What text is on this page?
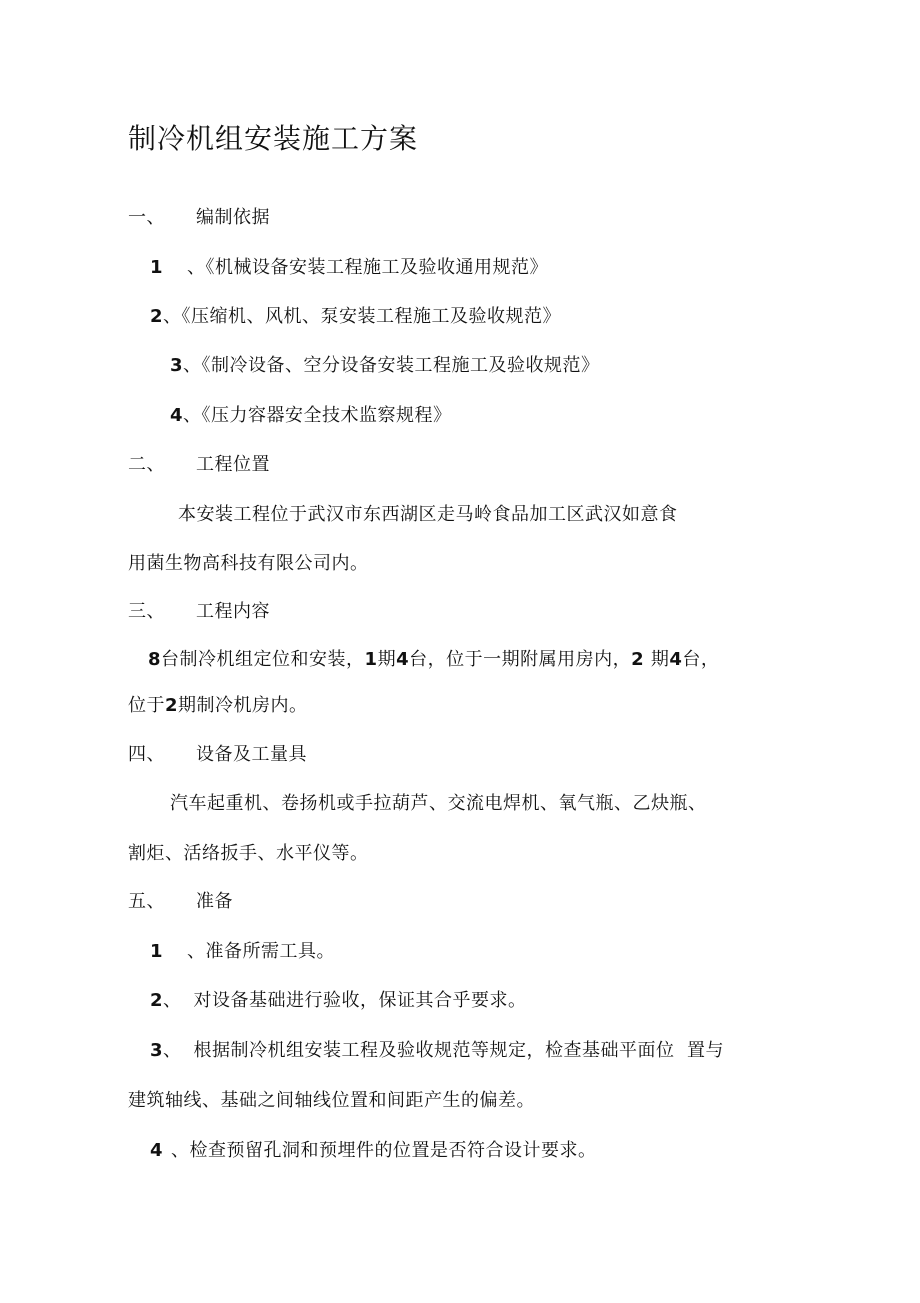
制冷机组安装施工方案
一、 编制依据
1 、《机械设备安装工程施工及验收通用规范》
2、《压缩机、风机、泵安装工程施工及验收规范》
3、《制冷设备、空分设备安装工程施工及验收规范》
4、《压力容器安全技术监察规程》
二、 工程位置
本安装工程位于武汉市东西湖区走马岭食品加工区武汉如意食
用菌生物高科技有限公司内。
三、 工程内容
8台制冷机组定位和安装，1期4台，位于一期附属用房内，2 期4台，
位于2期制冷机房内。
四、 设备及工量具
汽车起重机、卷扬机或手拉葫芦、交流电焊机、氧气瓶、乙炔瓶、
割炬、活络扳手、水平仪等。
五、 准备
1 、准备所需工具。
2、 对设备基础进行验收，保证其合乎要求。
3、 根据制冷机组安装工程及验收规范等规定，检查基础平面位  置与
建筑轴线、基础之间轴线位置和间距产生的偏差。
4 、检查预留孔洞和预埋件的位置是否符合设计要求。
